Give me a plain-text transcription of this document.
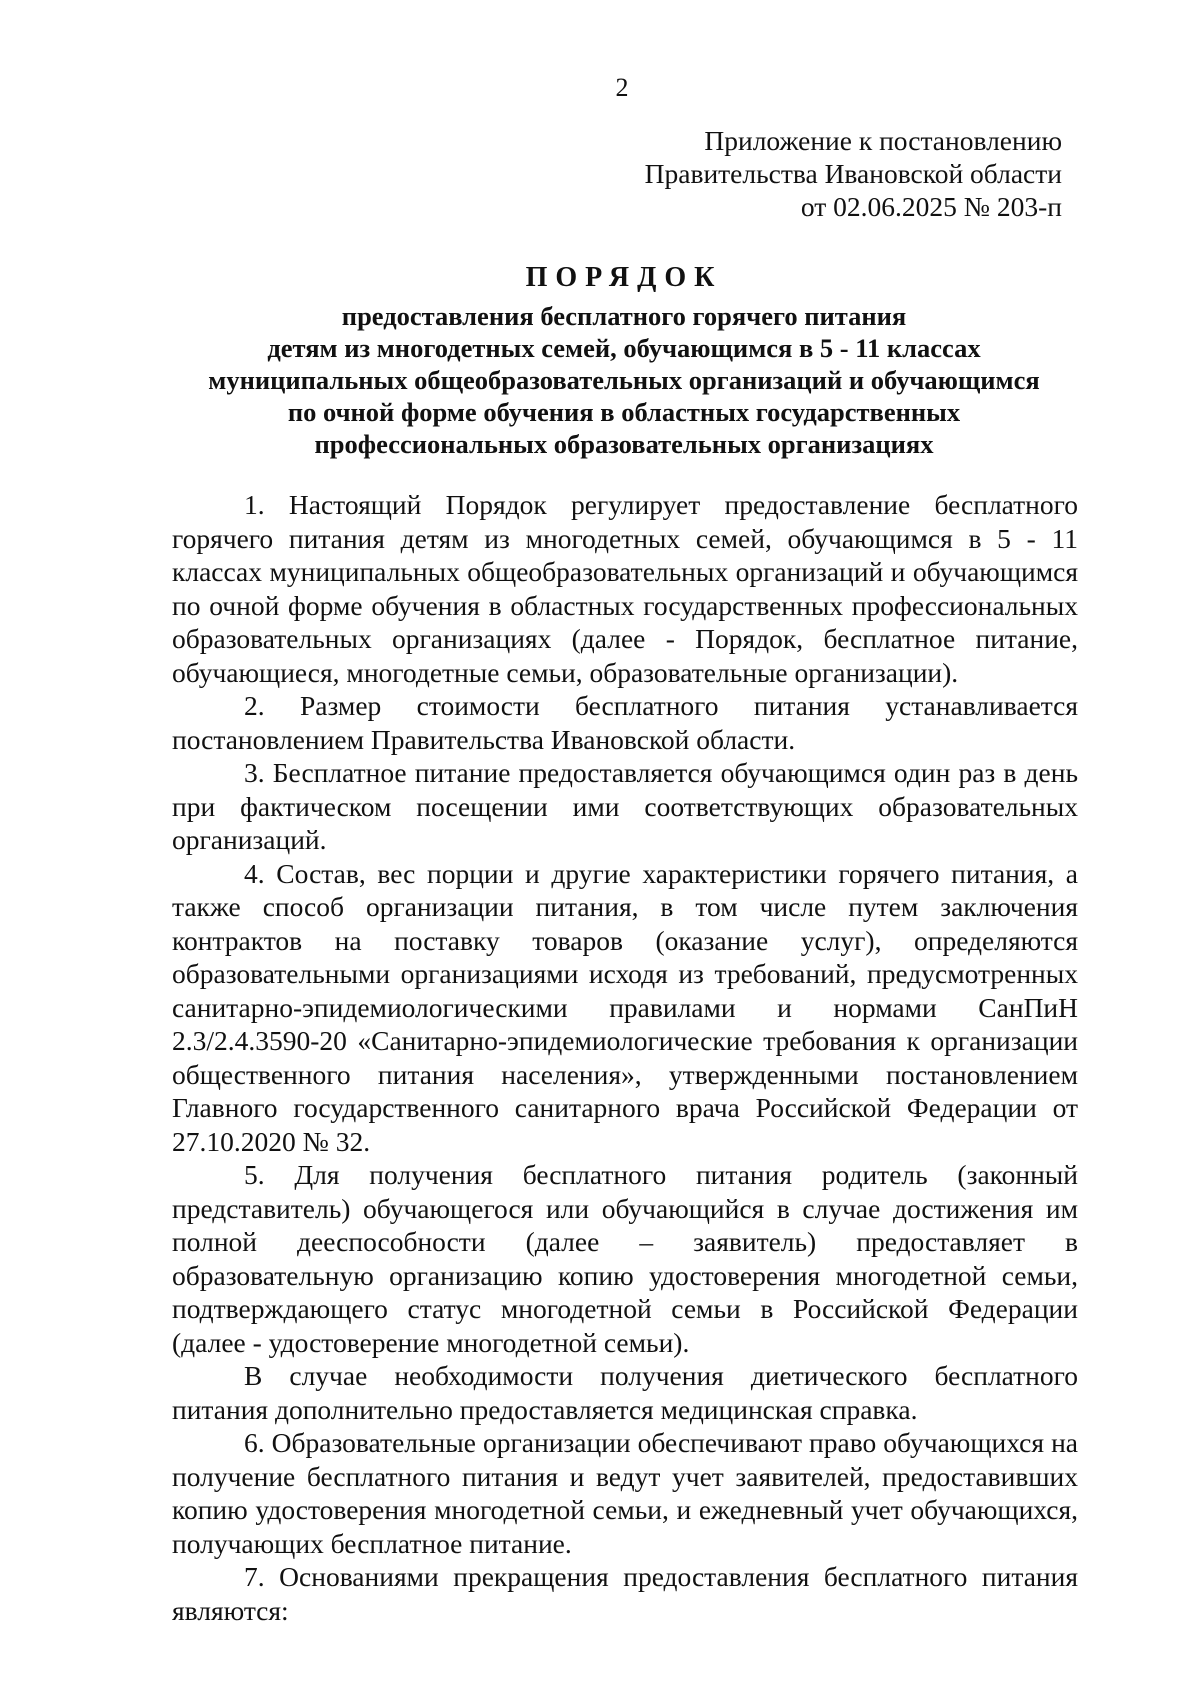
2
Приложение к постановлению
Правительства Ивановской области
от 02.06.2025 № 203-п
ПОРЯДОК
предоставления бесплатного горячего питания
детям из многодетных семей, обучающимся в 5 - 11 классах
муниципальных общеобразовательных организаций и обучающимся
по очной форме обучения в областных государственных
профессиональных образовательных организациях

1. Настоящий Порядок регулирует предоставление бесплатного горячего питания детям из многодетных семей, обучающимся в 5 - 11 классах муниципальных общеобразовательных организаций и обучающимся по очной форме обучения в областных государственных профессиональных образовательных организациях (далее - Порядок, бесплатное питание, обучающиеся, многодетные семьи, образовательные организации).

2. Размер стоимости бесплатного питания устанавливается постановлением Правительства Ивановской области.

3. Бесплатное питание предоставляется обучающимся один раз в день при фактическом посещении ими соответствующих образовательных организаций.

4. Состав, вес порции и другие характеристики горячего питания, а также способ организации питания, в том числе путем заключения контрактов на поставку товаров (оказание услуг), определяются образовательными организациями исходя из требований, предусмотренных санитарно-эпидемиологическими правилами и нормами СанПиН 2.3/2.4.3590-20 «Санитарно-эпидемиологические требования к организации общественного питания населения», утвержденными постановлением Главного государственного санитарного врача Российской Федерации от 27.10.2020 № 32.

5. Для получения бесплатного питания родитель (законный представитель) обучающегося или обучающийся в случае достижения им полной дееспособности (далее – заявитель) предоставляет в образовательную организацию копию удостоверения многодетной семьи, подтверждающего статус многодетной семьи в Российской Федерации (далее - удостоверение многодетной семьи).

В случае необходимости получения диетического бесплатного питания дополнительно предоставляется медицинская справка.

6. Образовательные организации обеспечивают право обучающихся на получение бесплатного питания и ведут учет заявителей, предоставивших копию удостоверения многодетной семьи, и ежедневный учет обучающихся, получающих бесплатное питание.

7. Основаниями прекращения предоставления бесплатного питания являются:
